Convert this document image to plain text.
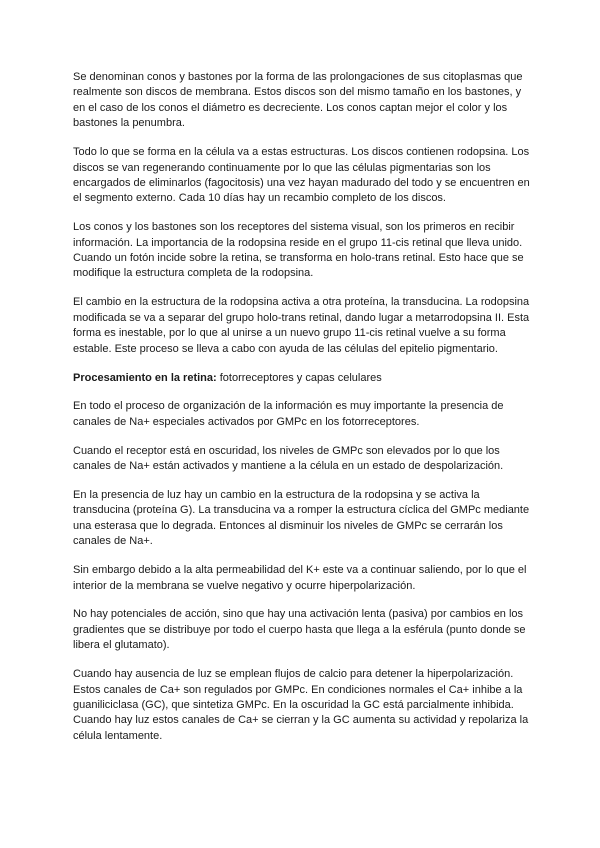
Se denominan conos y bastones por la forma de las prolongaciones de sus citoplasmas que realmente son discos de membrana. Estos discos son del mismo tamaño en los bastones, y en el caso de los conos el diámetro es decreciente. Los conos captan mejor el color y los bastones la penumbra.

Todo lo que se forma en la célula va a estas estructuras. Los discos contienen rodopsina. Los discos se van regenerando continuamente por lo que las células pigmentarias son los encargados de eliminarlos (fagocitosis) una vez hayan madurado del todo y se encuentren en el segmento externo. Cada 10 días hay un recambio completo de los discos.

Los conos y los bastones son los receptores del sistema visual, son los primeros en recibir información. La importancia de la rodopsina reside en el grupo 11-cis retinal que lleva unido. Cuando un fotón incide sobre la retina, se transforma en holo-trans retinal. Esto hace que se modifique la estructura completa de la rodopsina.

El cambio en la estructura de la rodopsina activa a otra proteína, la transducina. La rodopsina modificada se va a separar del grupo holo-trans retinal, dando lugar a metarrodopsina II. Esta forma es inestable, por lo que al unirse a un nuevo grupo 11-cis retinal vuelve a su forma estable. Este proceso se lleva a cabo con ayuda de las células del epitelio pigmentario.

Procesamiento en la retina: fotorreceptores y capas celulares

En todo el proceso de organización de la información es muy importante la presencia de canales de Na+ especiales activados por GMPc en los fotorreceptores.

Cuando el receptor está en oscuridad, los niveles de GMPc son elevados por lo que los canales de Na+ están activados y mantiene a la célula en un estado de despolarización.

En la presencia de luz hay un cambio en la estructura de la rodopsina y se activa la transducina (proteína G). La transducina va a romper la estructura cíclica del GMPc mediante una esterasa que lo degrada. Entonces al disminuir los niveles de GMPc se cerrarán los canales de Na+.

Sin embargo debido a la alta permeabilidad del K+ este va a continuar saliendo, por lo que el interior de la membrana se vuelve negativo y ocurre hiperpolarización.

No hay potenciales de acción, sino que hay una activación lenta (pasiva) por cambios en los gradientes que se distribuye por todo el cuerpo hasta que llega a la esférula (punto donde se libera el glutamato).

Cuando hay ausencia de luz se emplean flujos de calcio para detener la hiperpolarización. Estos canales de Ca+ son regulados por GMPc. En condiciones normales el Ca+ inhibe a la guaniliciclasa (GC), que sintetiza GMPc. En la oscuridad la GC está parcialmente inhibida. Cuando hay luz estos canales de Ca+ se cierran y la GC aumenta su actividad y repolariza la célula lentamente.
